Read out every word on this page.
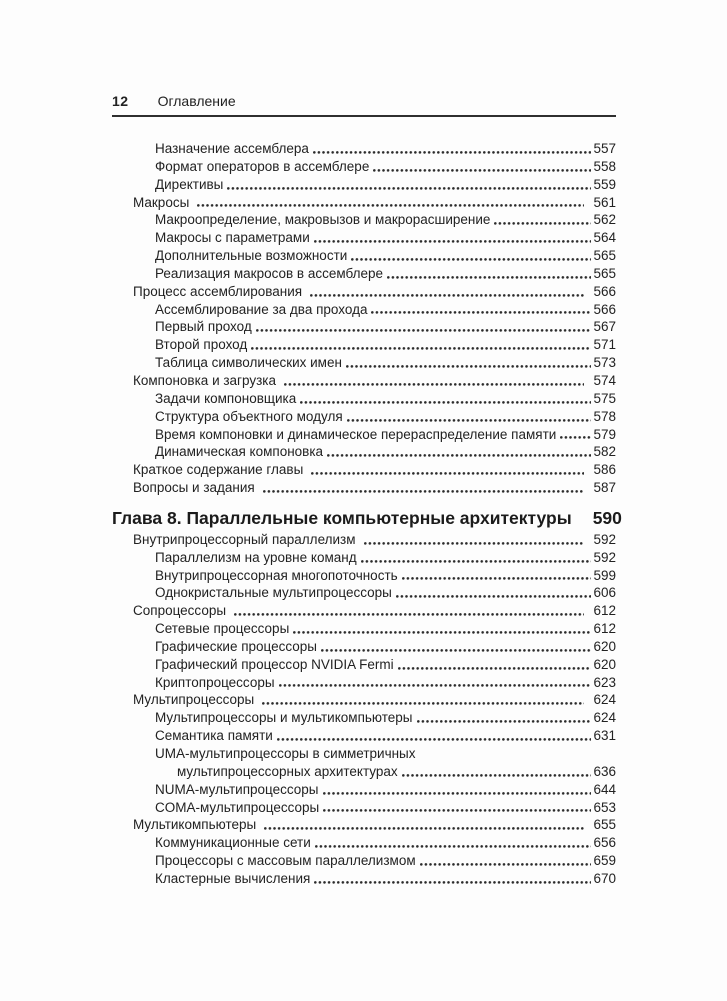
12 Оглавление
Назначение ассемблера	557
Формат операторов в ассемблере	558
Директивы	559
Макросы	561
Макроопределение, макровызов и макрорасширение	562
Макросы с параметрами	564
Дополнительные возможности	565
Реализация макросов в ассемблере	565
Процесс ассемблирования	566
Ассемблирование за два прохода	566
Первый проход	567
Второй проход	571
Таблица символических имен	573
Компоновка и загрузка	574
Задачи компоновщика	575
Структура объектного модуля	578
Время компоновки и динамическое перераспределение памяти	579
Динамическая компоновка	582
Краткое содержание главы	586
Вопросы и задания	587
Глава 8. Параллельные компьютерные архитектуры 590
Внутрипроцессорный параллелизм	592
Параллелизм на уровне команд	592
Внутрипроцессорная многопоточность	599
Однокристальные мультипроцессоры	606
Сопроцессоры	612
Сетевые процессоры	612
Графические процессоры	620
Графический процессор NVIDIA Fermi	620
Криптопроцессоры	623
Мультипроцессоры	624
Мультипроцессоры и мультикомпьютеры	624
Семантика памяти	631
UMA-мультипроцессоры в симметричных
мультипроцессорных архитектурах	636
NUMA-мультипроцессоры	644
COMA-мультипроцессоры	653
Мультикомпьютеры	655
Коммуникационные сети	656
Процессоры с массовым параллелизмом	659
Кластерные вычисления	670
